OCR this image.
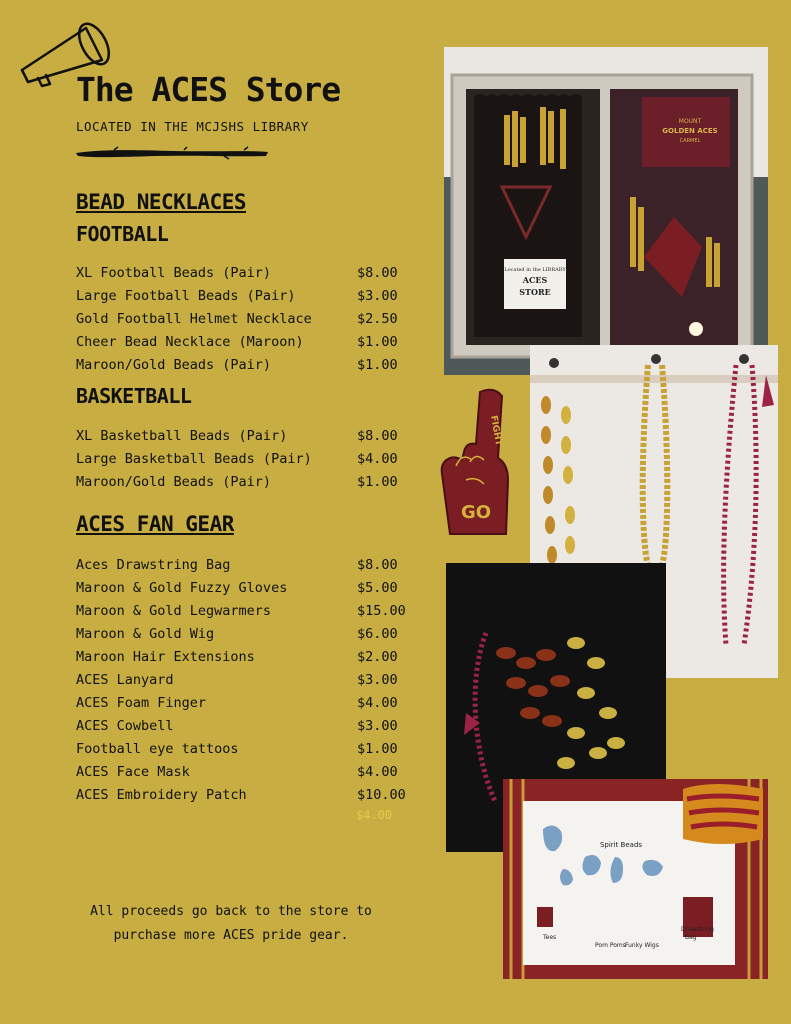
The ACES Store
LOCATED IN THE MCJSHS LIBRARY
BEAD NECKLACES
FOOTBALL
XL Football Beads (Pair)	$8.00
Large Football Beads (Pair)	$3.00
Gold Football Helmet Necklace	$2.50
Cheer Bead Necklace (Maroon)	$1.00
Maroon/Gold Beads (Pair)	$1.00
BASKETBALL
XL Basketball Beads (Pair)	$8.00
Large Basketball Beads (Pair)	$4.00
Maroon/Gold Beads (Pair)	$1.00
ACES FAN GEAR
Aces Drawstring Bag	$8.00
Maroon & Gold Fuzzy Gloves	$5.00
Maroon & Gold Legwarmers	$15.00
Maroon & Gold Wig	$6.00
Maroon Hair Extensions	$2.00
ACES Lanyard	$3.00
ACES Foam Finger	$4.00
ACES Cowbell	$3.00
Football eye tattoos	$1.00
ACES Face Mask	$4.00
ACES Embroidery Patch	$10.00
$4.00
All proceeds go back to the store to
purchase more ACES pride gear.
Located in the LIBRARY
ACES
STORE
MOUNT
GOLDEN ACES
CARMEL
Spirit Beads
Tees
Pom Poms Funky Wigs
Drawstring
Bag
FIGHT
GO
